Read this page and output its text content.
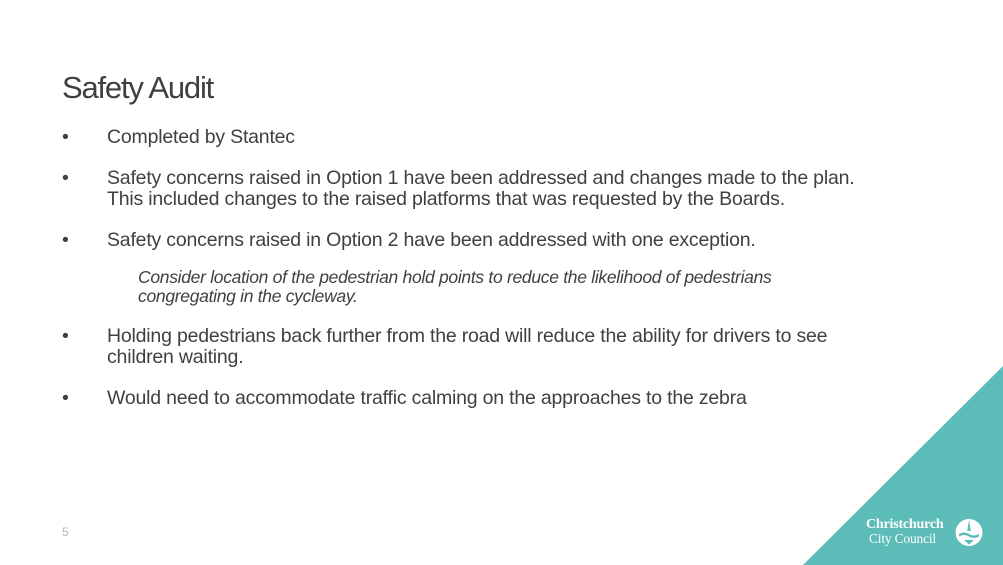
Safety Audit
• Completed by Stantec
• Safety concerns raised in Option 1 have been addressed and changes made to the plan.
This included changes to the raised platforms that was requested by the Boards.
• Safety concerns raised in Option 2 have been addressed with one exception.
Consider location of the pedestrian hold points to reduce the likelihood of pedestrians
congregating in the cycleway.
• Holding pedestrians back further from the road will reduce the ability for drivers to see
children waiting.
• Would need to accommodate traffic calming on the approaches to the zebra
5	Christchurch
City Council
